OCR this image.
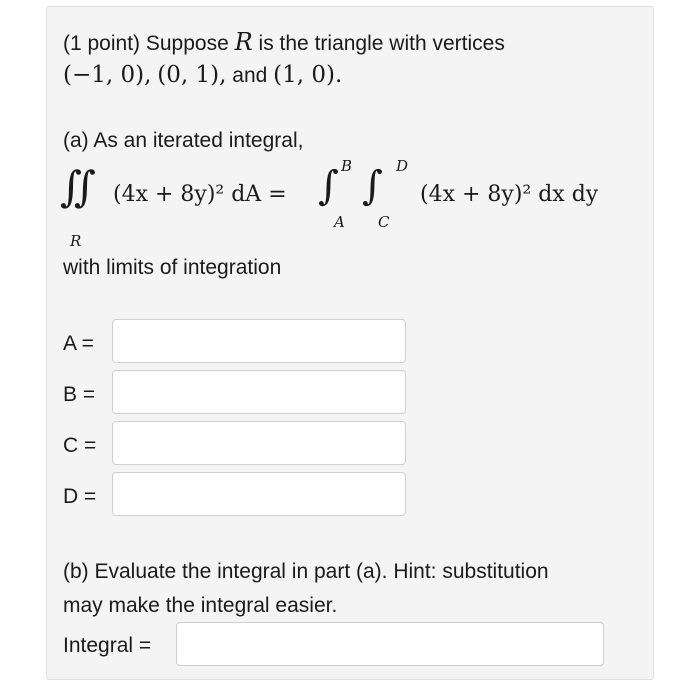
(1 point) Suppose R is the triangle with vertices
(−1, 0), (0, 1), and (1, 0).
(a) As an iterated integral,
∬ (4x + 8y)² dA =
R
∫ B
A
∫ D
C
(4x + 8y)² dx dy
with limits of integration
A =
B =
C =
D =
(b) Evaluate the integral in part (a). Hint: substitution
may make the integral easier.
Integral =
